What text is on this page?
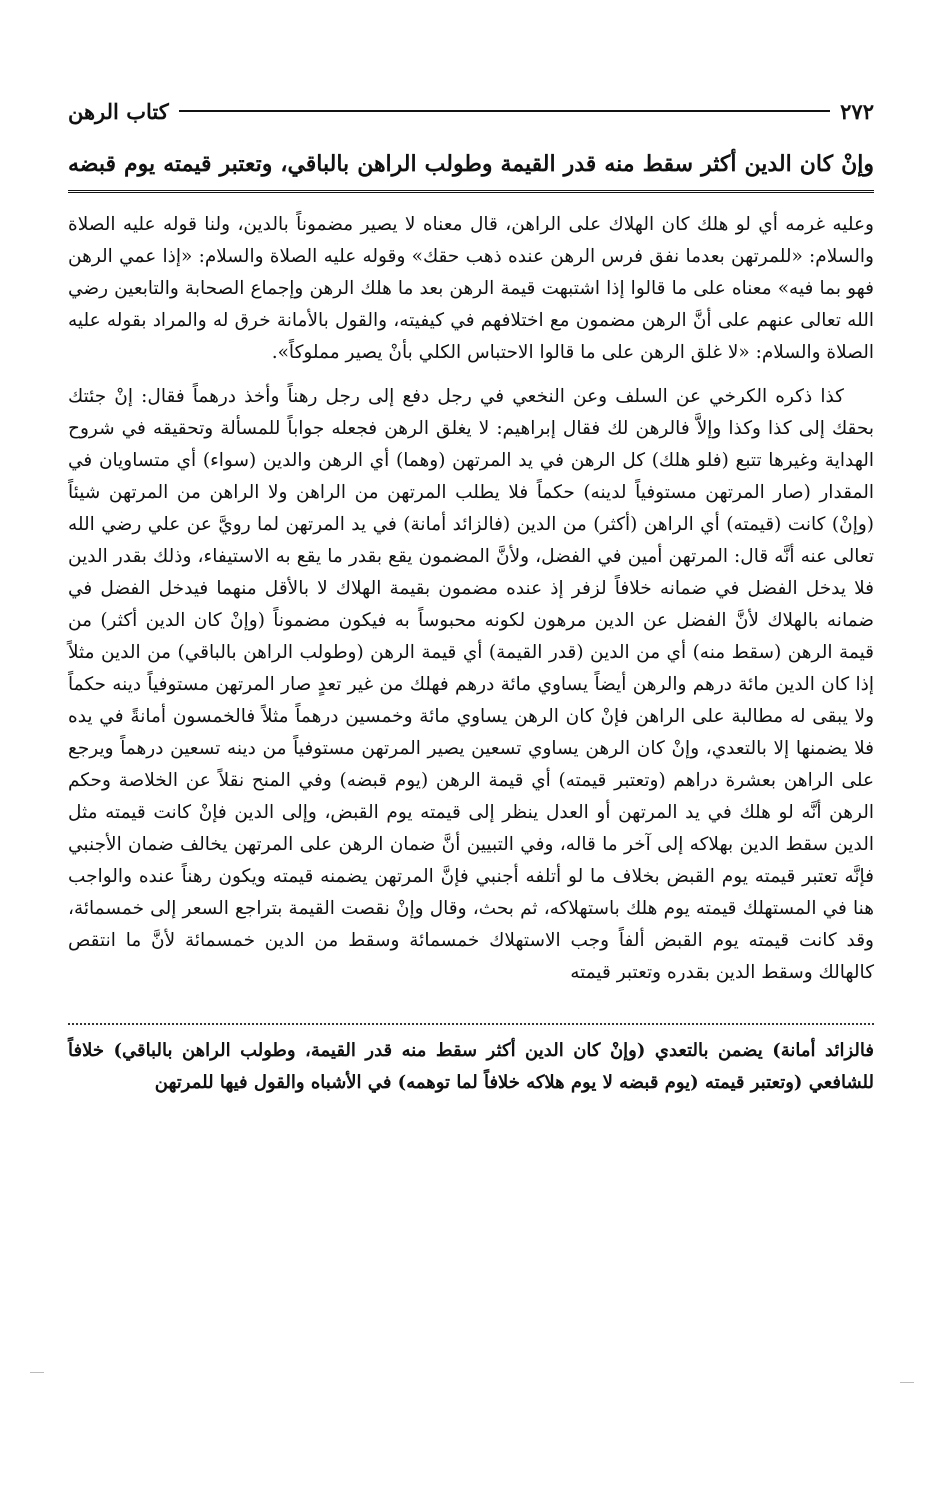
٢٧٢
كتاب الرهن
وإنْ كان الدين أكثر سقط منه قدر القيمة وطولب الراهن بالباقي، وتعتبر قيمته يوم قبضه

وعليه غرمه أي لو هلك كان الهلاك على الراهن، قال معناه لا يصير مضموناً بالدين، ولنا قوله عليه الصلاة والسلام: «للمرتهن بعدما نفق فرس الرهن عنده ذهب حقك» وقوله عليه الصلاة والسلام: «إذا عمي الرهن فهو بما فيه» معناه على ما قالوا إذا اشتبهت قيمة الرهن بعد ما هلك الرهن وإجماع الصحابة والتابعين رضي الله تعالى عنهم على أنَّ الرهن مضمون مع اختلافهم في كيفيته، والقول بالأمانة خرق له والمراد بقوله عليه الصلاة والسلام: «لا غلق الرهن على ما قالوا الاحتباس الكلي بأنْ يصير مملوكاً».

كذا ذكره الكرخي عن السلف وعن النخعي في رجل دفع إلى رجل رهناً وأخذ درهماً فقال: إنْ جئتك بحقك إلى كذا وكذا وإلاَّ فالرهن لك فقال إبراهيم: لا يغلق الرهن فجعله جواباً للمسألة وتحقيقه في شروح الهداية وغيرها تتبع (فلو هلك) كل الرهن في يد المرتهن (وهما) أي الرهن والدين (سواء) أي متساويان في المقدار (صار المرتهن مستوفياً لدينه) حكماً فلا يطلب المرتهن من الراهن ولا الراهن من المرتهن شيئاً (وإنْ) كانت (قيمته) أي الراهن (أكثر) من الدين (فالزائد أمانة) في يد المرتهن لما رويَّ عن علي رضي الله تعالى عنه أنَّه قال: المرتهن أمين في الفضل، ولأنَّ المضمون يقع بقدر ما يقع به الاستيفاء، وذلك بقدر الدين فلا يدخل الفضل في ضمانه خلافاً لزفر إذ عنده مضمون بقيمة الهلاك لا بالأقل منهما فيدخل الفضل في ضمانه بالهلاك لأنَّ الفضل عن الدين مرهون لكونه محبوساً به فيكون مضموناً (وإنْ كان الدين أكثر) من قيمة الرهن (سقط منه) أي من الدين (قدر القيمة) أي قيمة الرهن (وطولب الراهن بالباقي) من الدين مثلاً إذا كان الدين مائة درهم والرهن أيضاً يساوي مائة درهم فهلك من غير تعدٍ صار المرتهن مستوفياً دينه حكماً ولا يبقى له مطالبة على الراهن فإنْ كان الرهن يساوي مائة وخمسين درهماً مثلاً فالخمسون أمانةً في يده فلا يضمنها إلا بالتعدي، وإنْ كان الرهن يساوي تسعين يصير المرتهن مستوفياً من دينه تسعين درهماً ويرجع على الراهن بعشرة دراهم (وتعتبر قيمته) أي قيمة الرهن (يوم قبضه) وفي المنح نقلاً عن الخلاصة وحكم الرهن أنَّه لو هلك في يد المرتهن أو العدل ينظر إلى قيمته يوم القبض، وإلى الدين فإنْ كانت قيمته مثل الدين سقط الدين بهلاكه إلى آخر ما قاله، وفي التبيين أنَّ ضمان الرهن على المرتهن يخالف ضمان الأجنبي فإنَّه تعتبر قيمته يوم القبض بخلاف ما لو أتلفه أجنبي فإنَّ المرتهن يضمنه قيمته ويكون رهناً عنده والواجب هنا في المستهلك قيمته يوم هلك باستهلاكه، ثم بحث، وقال وإنْ نقصت القيمة بتراجع السعر إلى خمسمائة، وقد كانت قيمته يوم القبض ألفاً وجب الاستهلاك خمسمائة وسقط من الدين خمسمائة لأنَّ ما انتقص كالهالك وسقط الدين بقدره وتعتبر قيمته

فالزائد أمانة) يضمن بالتعدي (وإنْ كان الدين أكثر سقط منه قدر القيمة، وطولب الراهن بالباقي) خلافاً للشافعي (وتعتبر قيمته (يوم قبضه لا يوم هلاكه خلافاً لما توهمه) في الأشباه والقول فيها للمرتهن
